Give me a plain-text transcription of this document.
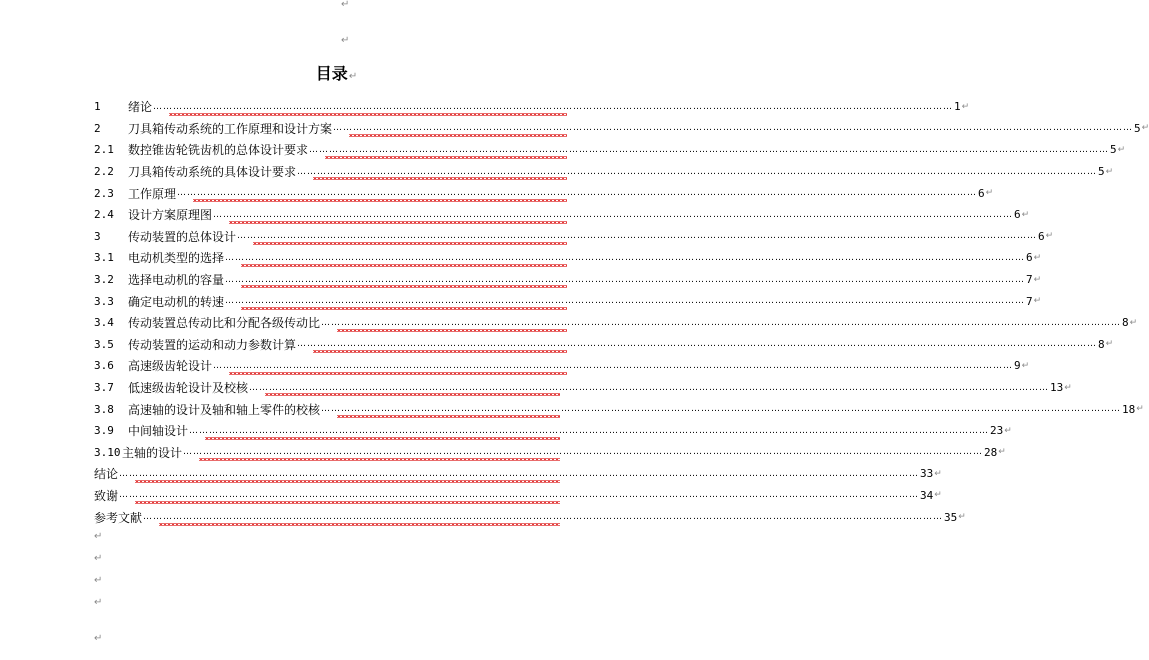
↵
↵
目录↵
1	绪论 …………………………………………………………………………………………………………………………………………………………………………………………………………………… 1 ↵
2	刀具箱传动系统的工作原理和设计方案 …………………………………………………………………………………………………………………………………………………………………………………………………………………… 5 ↵
2.1	数控锥齿轮铣齿机的总体设计要求 …………………………………………………………………………………………………………………………………………………………………………………………………………………… 5 ↵
2.2	刀具箱传动系统的具体设计要求 …………………………………………………………………………………………………………………………………………………………………………………………………………………… 5 ↵
2.3	工作原理 …………………………………………………………………………………………………………………………………………………………………………………………………………………… 6 ↵
2.4	设计方案原理图 …………………………………………………………………………………………………………………………………………………………………………………………………………………… 6 ↵
3	传动装置的总体设计 …………………………………………………………………………………………………………………………………………………………………………………………………………………… 6 ↵
3.1	电动机类型的选择 …………………………………………………………………………………………………………………………………………………………………………………………………………………… 6 ↵
3.2	选择电动机的容量 …………………………………………………………………………………………………………………………………………………………………………………………………………………… 7 ↵
3.3	确定电动机的转速 …………………………………………………………………………………………………………………………………………………………………………………………………………………… 7 ↵
3.4	传动装置总传动比和分配各级传动比 …………………………………………………………………………………………………………………………………………………………………………………………………………………… 8 ↵
3.5	传动装置的运动和动力参数计算 …………………………………………………………………………………………………………………………………………………………………………………………………………………… 8 ↵
3.6	高速级齿轮设计 …………………………………………………………………………………………………………………………………………………………………………………………………………………… 9 ↵
3.7	低速级齿轮设计及校核 …………………………………………………………………………………………………………………………………………………………………………………………………………………… 13 ↵
3.8	高速轴的设计及轴和轴上零件的校核 …………………………………………………………………………………………………………………………………………………………………………………………………………………… 18 ↵
3.9	中间轴设计 …………………………………………………………………………………………………………………………………………………………………………………………………………………… 23 ↵
3.10 主轴的设计 …………………………………………………………………………………………………………………………………………………………………………………………………………………… 28 ↵
结论 …………………………………………………………………………………………………………………………………………………………………………………………………………………… 33 ↵
致谢 …………………………………………………………………………………………………………………………………………………………………………………………………………………… 34 ↵
参考文献 …………………………………………………………………………………………………………………………………………………………………………………………………………………… 35 ↵
↵
↵
↵
↵
↵
